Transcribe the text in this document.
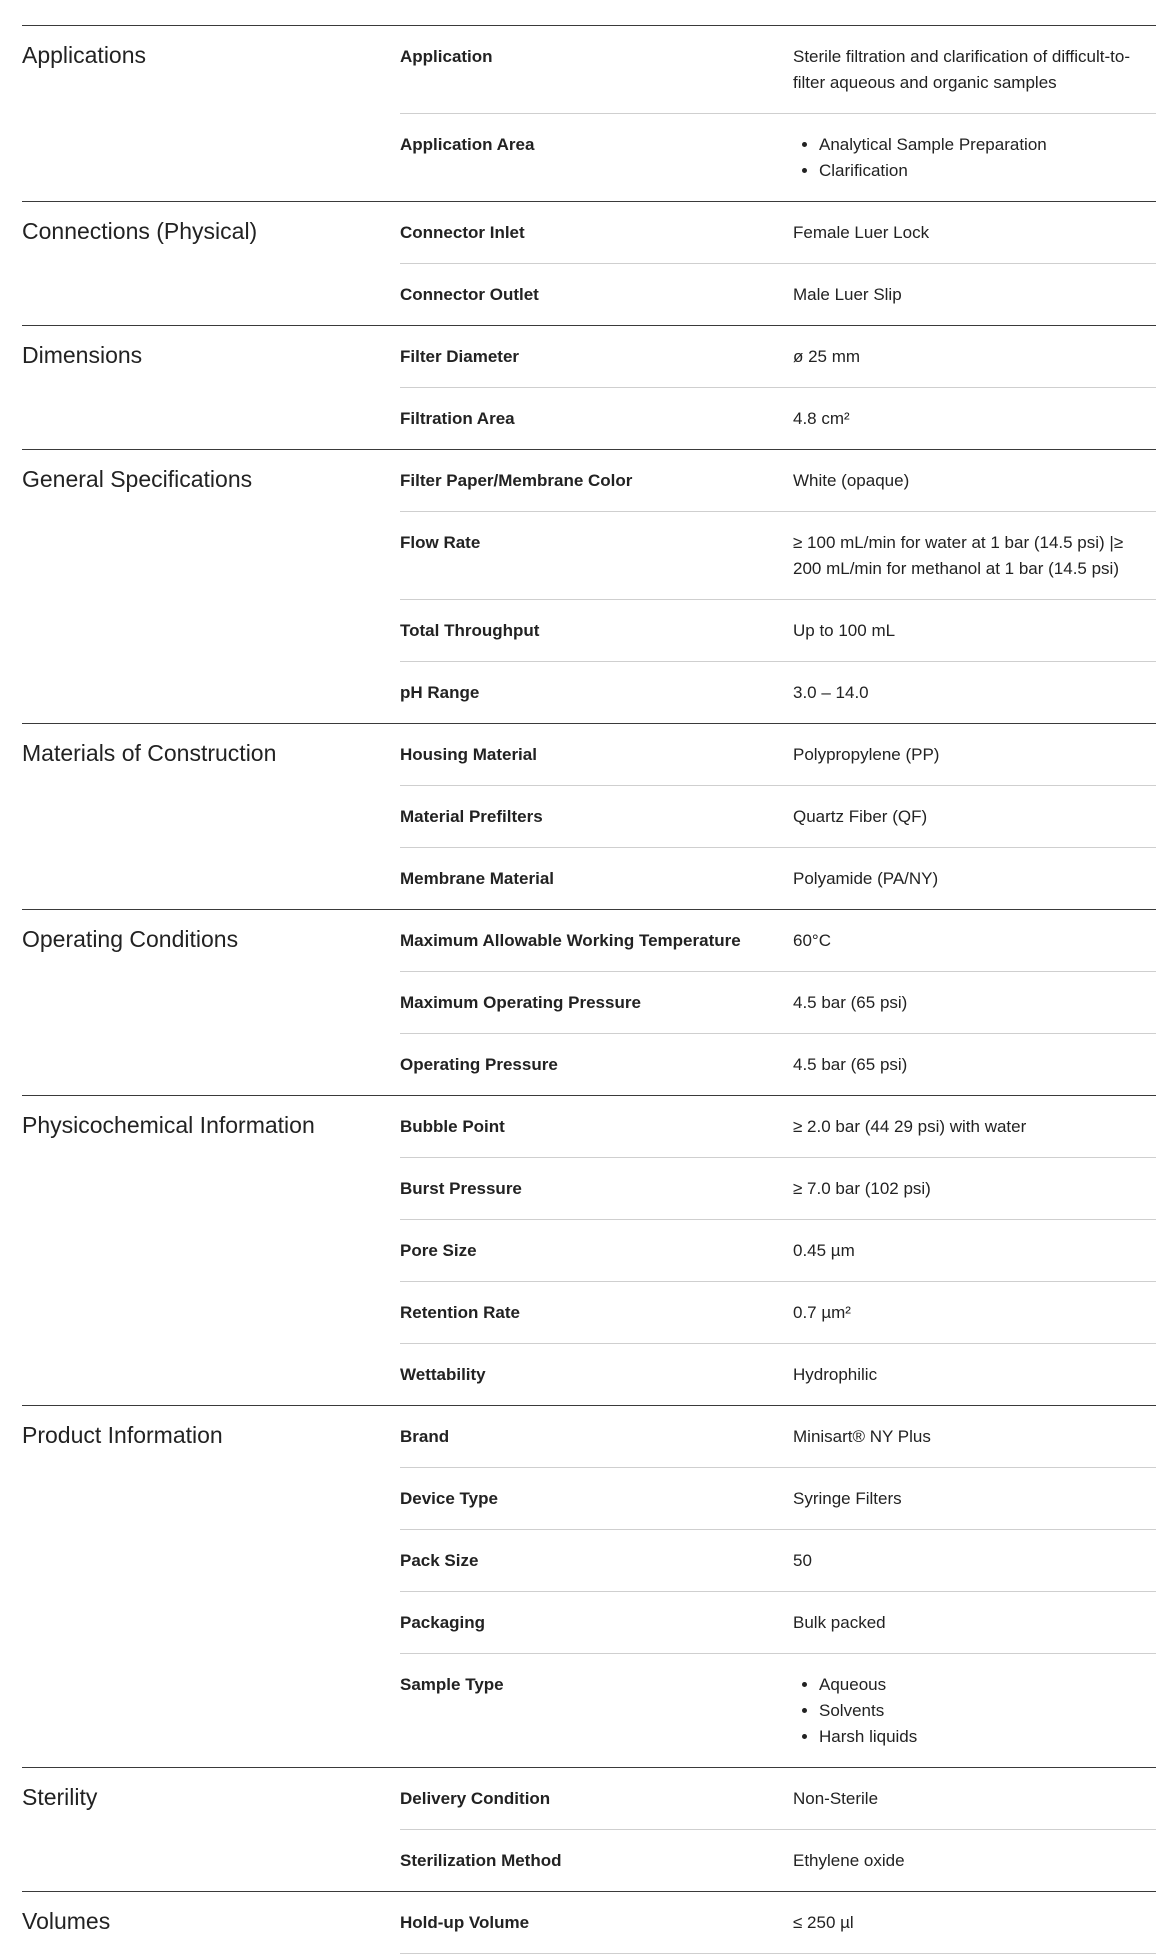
Applications	Application	Sterile filtration and clarification of difficult-to-filter aqueous and organic samples
Application Area	• Analytical Sample Preparation
• Clarification
Connections (Physical)	Connector Inlet	Female Luer Lock
Connector Outlet	Male Luer Slip
Dimensions	Filter Diameter	ø 25 mm
Filtration Area	4.8 cm²
General Specifications	Filter Paper/Membrane Color	White (opaque)
Flow Rate	≥ 100 mL/min for water at 1 bar (14.5 psi) |≥ 200 mL/min for methanol at 1 bar (14.5 psi)
Total Throughput	Up to 100 mL
pH Range	3.0 – 14.0
Materials of Construction	Housing Material	Polypropylene (PP)
Material Prefilters	Quartz Fiber (QF)
Membrane Material	Polyamide (PA/NY)
Operating Conditions	Maximum Allowable Working Temperature	60°C
Maximum Operating Pressure	4.5 bar (65 psi)
Operating Pressure	4.5 bar (65 psi)
Physicochemical Information	Bubble Point	≥ 2.0 bar (44 29 psi) with water
Burst Pressure	≥ 7.0 bar (102 psi)
Pore Size	0.45 µm
Retention Rate	0.7 µm²
Wettability	Hydrophilic
Product Information	Brand	Minisart® NY Plus
Device Type	Syringe Filters
Pack Size	50
Packaging	Bulk packed
Sample Type	• Aqueous
• Solvents
• Harsh liquids
Sterility	Delivery Condition	Non-Sterile
Sterilization Method	Ethylene oxide
Volumes	Hold-up Volume	≤ 250 µl
